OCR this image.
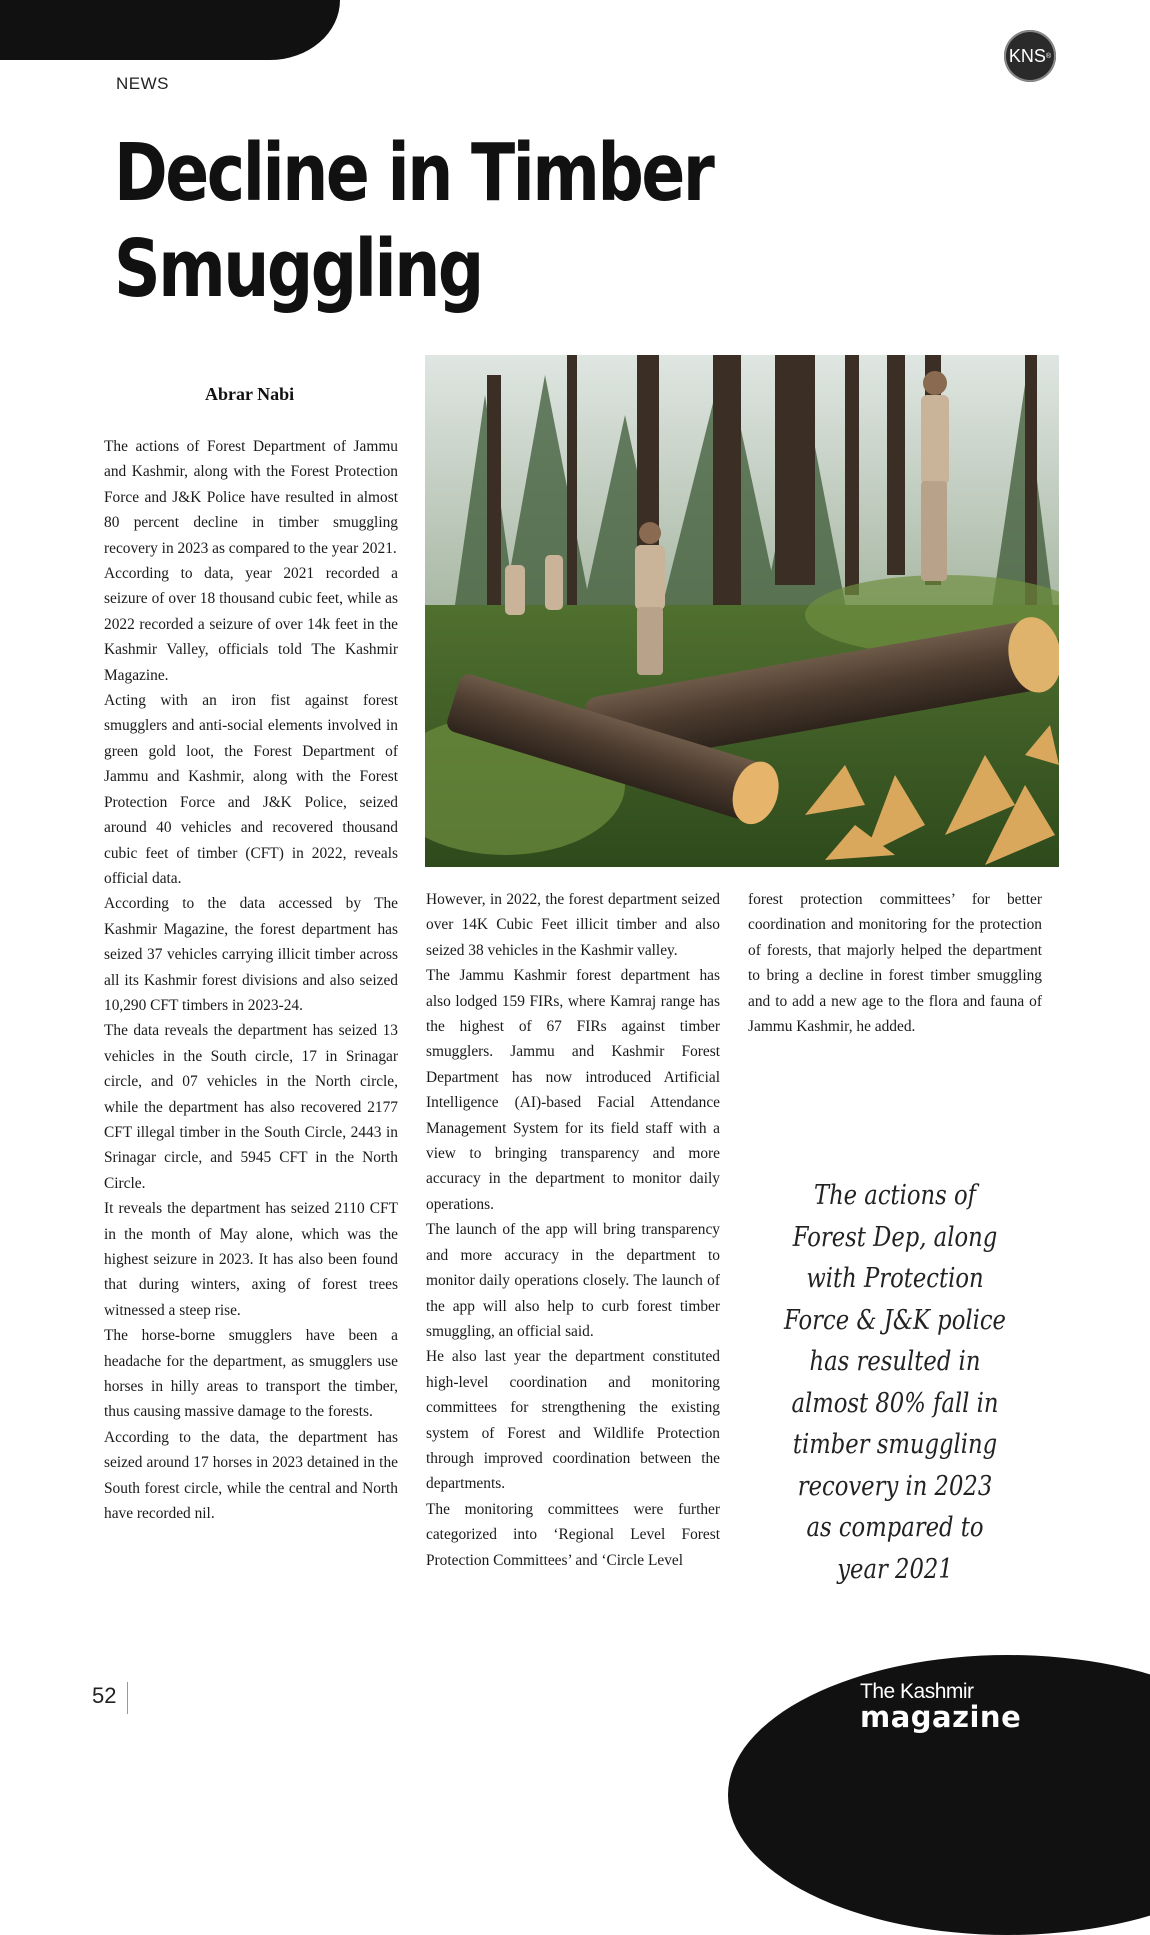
NEWS
KNS ®
Decline in Timber
Smuggling
Abrar Nabi

The actions of Forest Department of Jammu and Kashmir, along with the Forest Protection Force and J&K Police have resulted in almost 80 percent decline in timber smuggling recovery in 2023 as compared to the year 2021.

According to data, year 2021 recorded a seizure of over 18 thousand cubic feet, while as 2022 recorded a seizure of over 14k feet in the Kashmir Valley, officials told The Kashmir Magazine.

Acting with an iron fist against forest smugglers and anti-social elements involved in green gold loot, the Forest Department of Jammu and Kashmir, along with the Forest Protection Force and J&K Police, seized around 40 vehicles and recovered thousand cubic feet of timber (CFT) in 2022, reveals official data.

According to the data accessed by The Kashmir Magazine, the forest department has seized 37 vehicles carrying illicit timber across all its Kashmir forest divisions and also seized 10,290 CFT timbers in 2023-24.

The data reveals the department has seized 13 vehicles in the South circle, 17 in Srinagar circle, and 07 vehicles in the North circle, while the department has also recovered 2177 CFT illegal timber in the South Circle, 2443 in Srinagar circle, and 5945 CFT in the North Circle.

It reveals the department has seized 2110 CFT in the month of May alone, which was the highest seizure in 2023. It has also been found that during winters, axing of forest trees witnessed a steep rise.

The horse-borne smugglers have been a headache for the department, as smugglers use horses in hilly areas to transport the timber, thus causing massive damage to the forests.

According to the data, the department has seized around 17 horses in 2023 detained in the South forest circle, while the central and North have recorded nil.

However, in 2022, the forest department seized over 14K Cubic Feet illicit timber and also seized 38 vehicles in the Kashmir valley.

The Jammu Kashmir forest department has also lodged 159 FIRs, where Kamraj range has the highest of 67 FIRs against timber smugglers. Jammu and Kashmir Forest Department has now introduced Artificial Intelligence (AI)-based Facial Attendance Management System for its field staff with a view to bringing transparency and more accuracy in the department to monitor daily operations.

The launch of the app will bring transparency and more accuracy in the department to monitor daily operations closely. The launch of the app will also help to curb forest timber smuggling, an official said.

He also last year the department constituted high-level coordination and monitoring committees for strengthening the existing system of Forest and Wildlife Protection through improved coordination between the departments.

The monitoring committees were further categorized into ‘Regional Level Forest Protection Committees’ and ‘Circle Level

forest protection committees’ for better coordination and monitoring for the protection of forests, that majorly helped the department to bring a decline in forest timber smuggling and to add a new age to the flora and fauna of Jammu Kashmir, he added.

The actions of Forest Dep, along with Protection Force & J&K police has resulted in almost 80% fall in timber smuggling recovery in 2023 as compared to year 2021
52	The Kashmir
magazine
